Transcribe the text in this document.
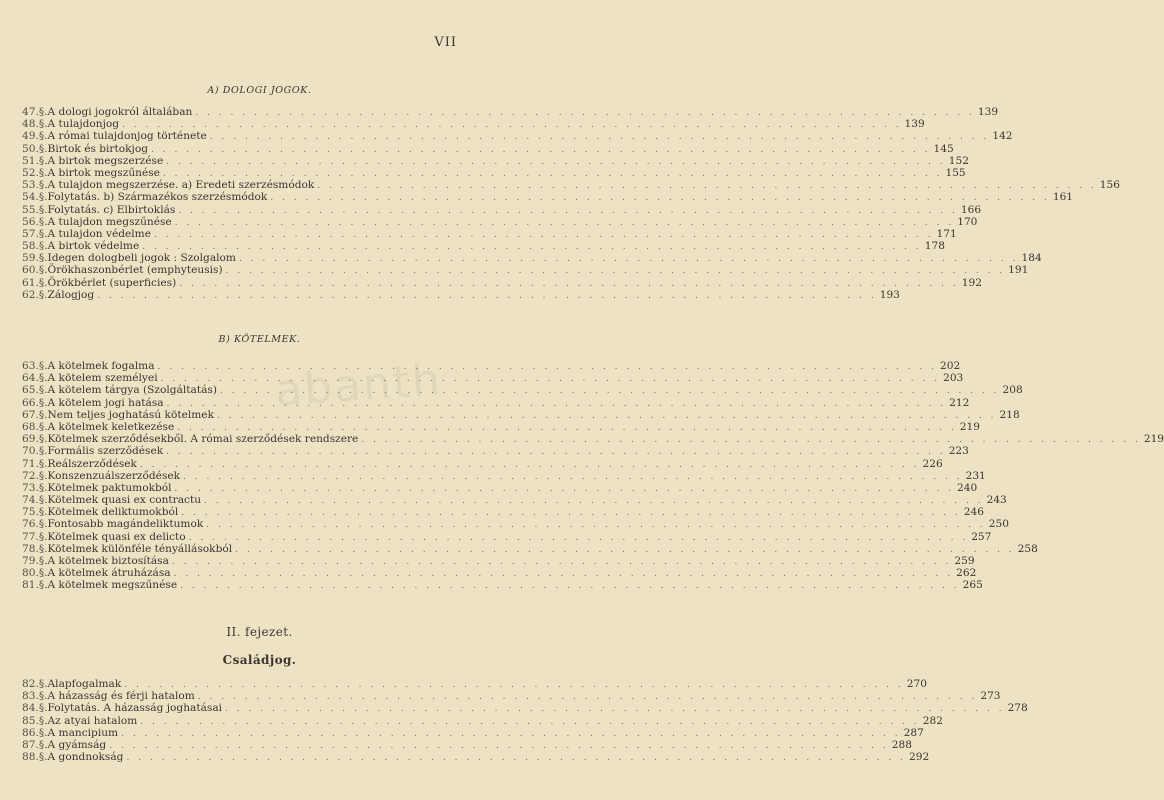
VII
A) DOLOGI JOGOK.
47. §. A dologi jogokról általában . . .	139
48. §. A tulajdonjog . . .	139
49. §. A római tulajdonjog története . . .	142
50. §. Birtok és birtokjog . . .	145
51. §. A birtok megszerzése . . .	152
52. §. A birtok megszűnése . . .	155
53. §. A tulajdon megszerzése. a) Eredeti szerzésmódok . . .	156
54. §. Folytatás. b) Származékos szerzésmódok . . .	161
55. §. Folytatás. c) Elbirtoklás . . .	166
56. §. A tulajdon megszűnése . . .	170
57. §. A tulajdon védelme . . .	171
58. §. A birtok védelme . . .	178
59. §. Idegen dologbeli jogok : Szolgalom . . .	184
60. §. Örökhaszonbérlet (emphyteusis) . . .	191
61. §. Örökbérlet (superficies) . . .	192
62. §. Zálogjog . . .	193
B) KÖTELMEK.
63. §. A kötelmek fogalma . . .	202
64. §. A kötelem személyei . . .	203
65. §. A kötelem tárgya (Szolgáltatás) . . .	208
66. §. A kötelem jogi hatása . . .	212
67. §. Nem teljes joghatású kötelmek . . .	218
68. §. A kötelmek keletkezése . . .	219
69. §. Kötelmek szerződésekből. A római szerződések rendszere . . .	219
70. §. Formális szerződések . . .	223
71. §. Reálszerződések . . .	226
72. §. Konszenzuálszerződések . . .	231
73. §. Kötelmek paktumokból . . .	240
74. §. Kötelmek quasi ex contractu . . .	243
75. §. Kötelmek deliktumokból . . .	246
76. §. Fontosabb magándeliktumok . . .	250
77. §. Kötelmek quasi ex delicto . . .	257
78. §. Kötelmek különféle tényállásokból . . .	258
79. §. A kötelmek biztosítása . . .	259
80. §. A kötelmek átruházása . . .	262
81. §. A kötelmek megszűnése . . .	265
II. fejezet.
Családjog.
82. §. Alapfogalmak . . .	270
83. §. A házasság és férji hatalom . . .	273
84. §. Folytatás. A házasság joghatásai . . .	278
85. §. Az atyai hatalom . . .	282
86. §. A mancipium . . .	287
87. §. A gyámság . . .	288
88. §. A gondnokság . . .	292
abanth
